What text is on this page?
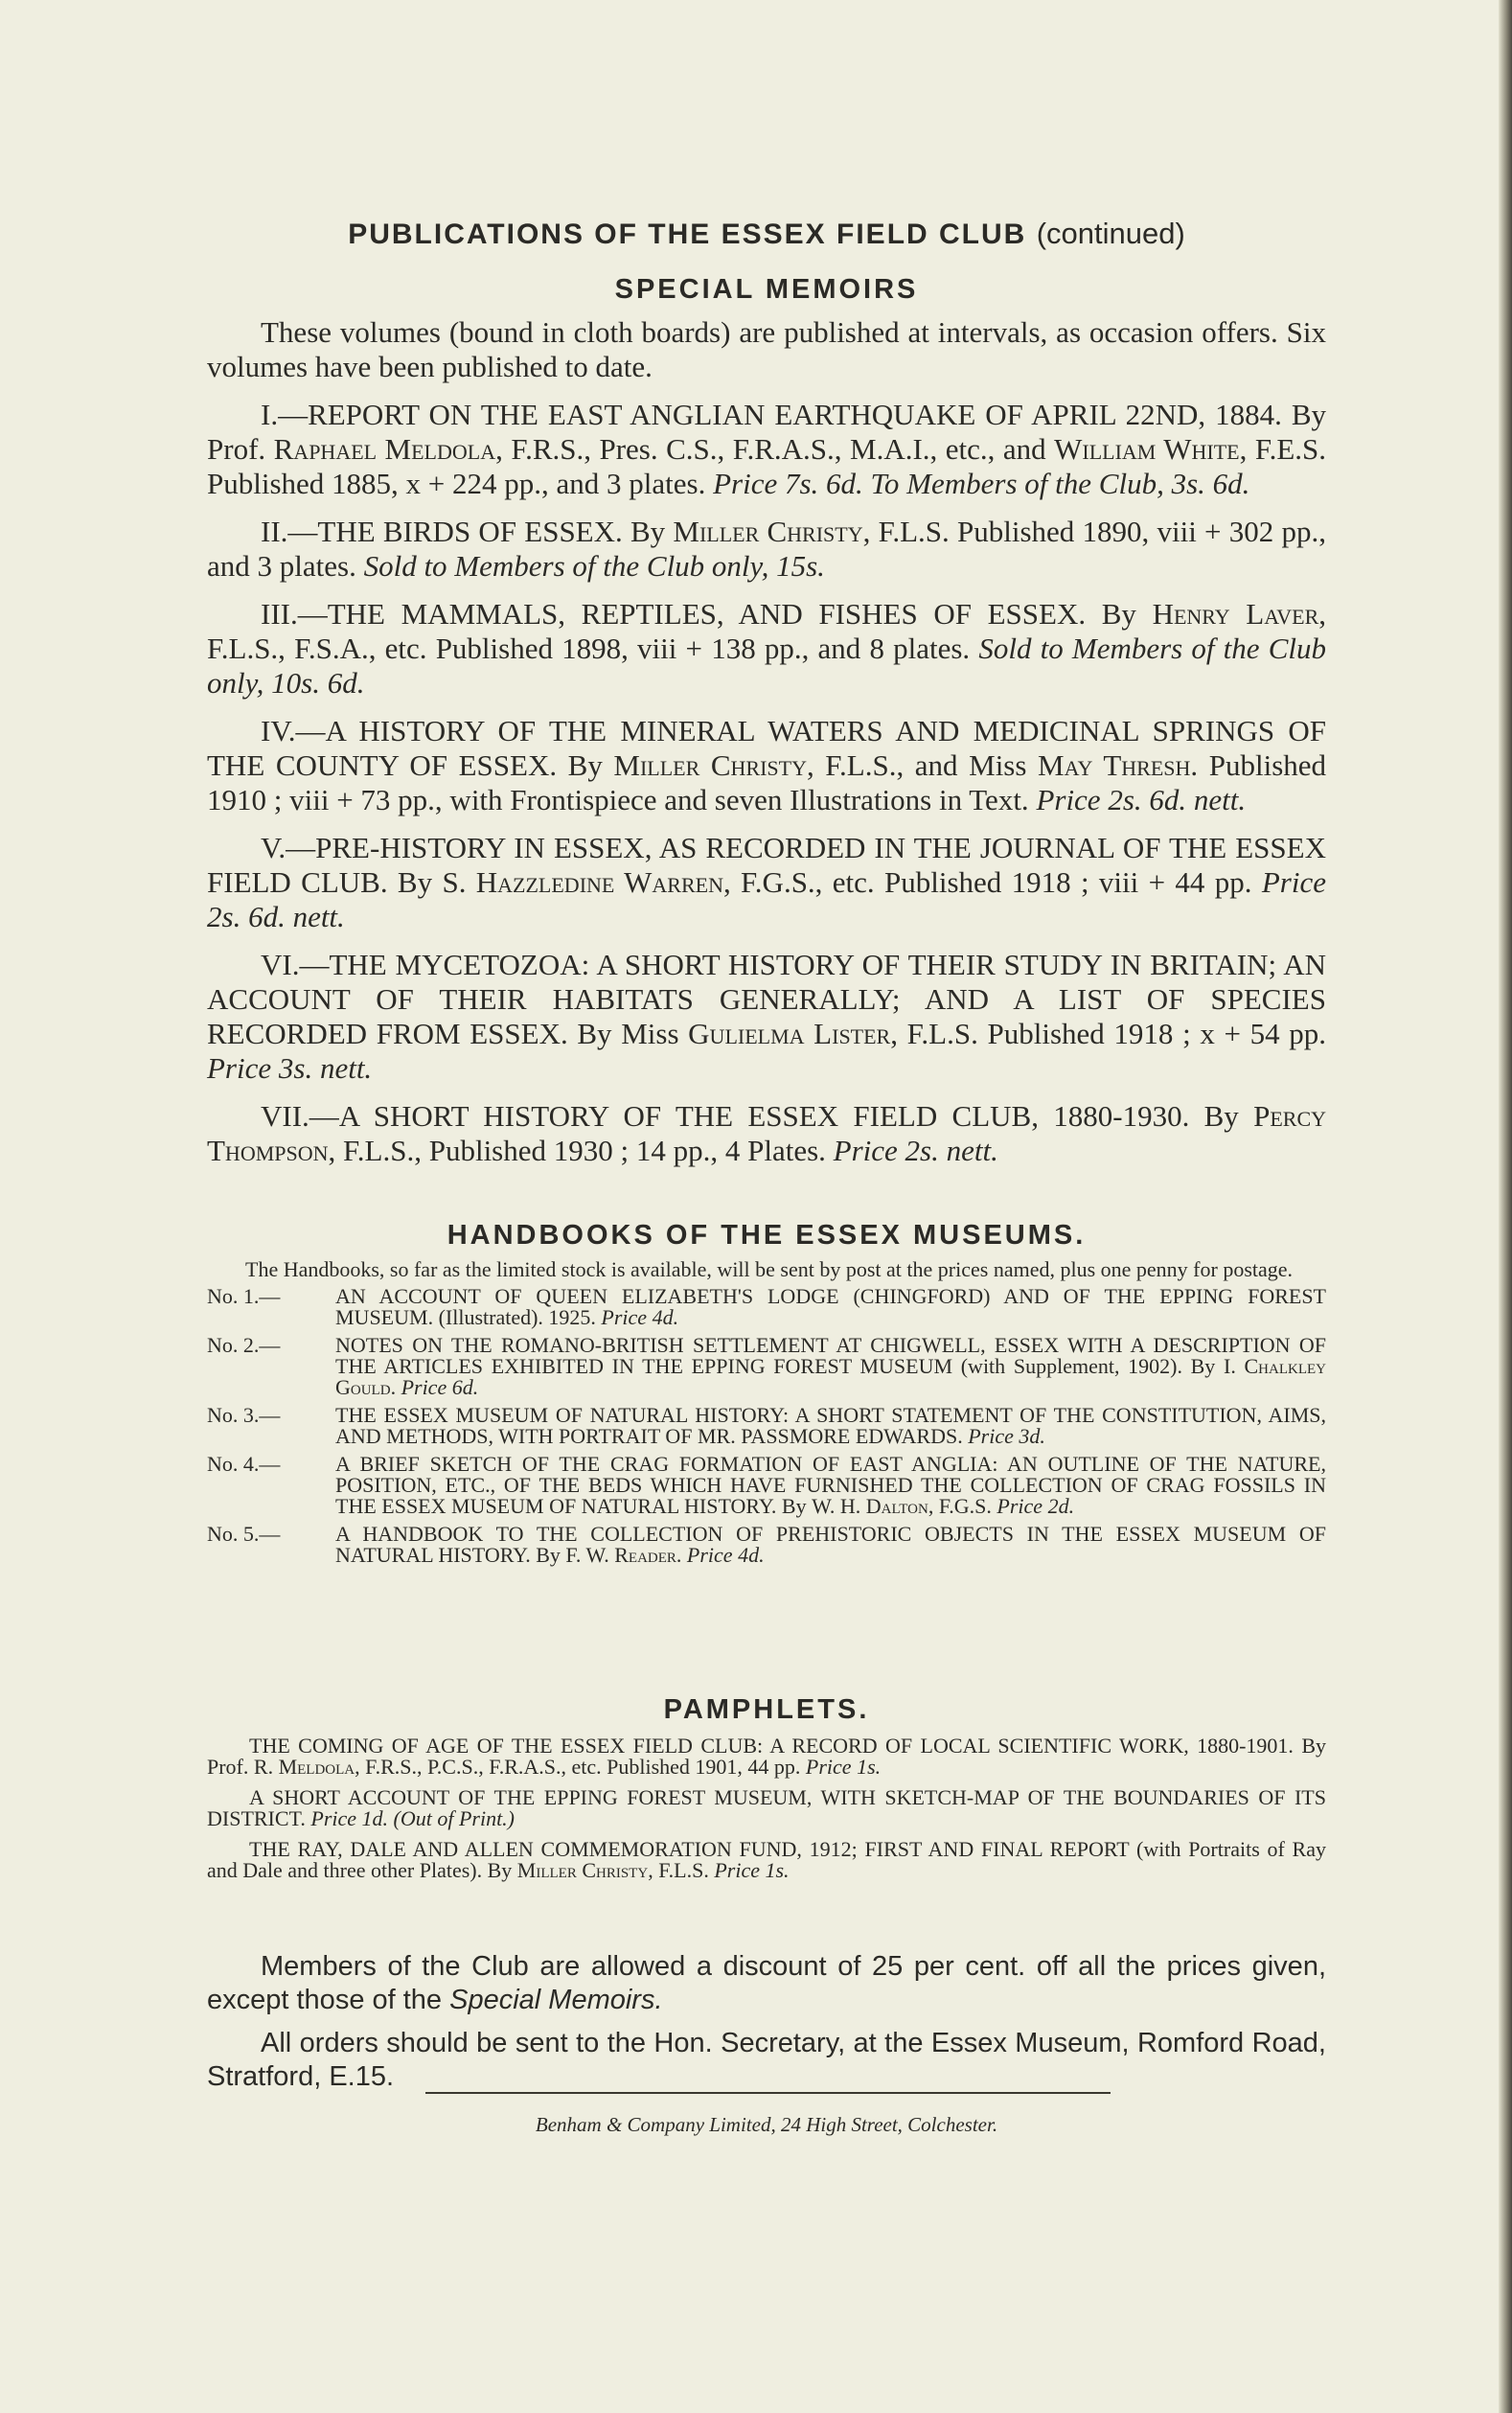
PUBLICATIONS OF THE ESSEX FIELD CLUB (continued)
SPECIAL MEMOIRS

These volumes (bound in cloth boards) are published at intervals, as occasion offers. Six volumes have been published to date.

I.—REPORT ON THE EAST ANGLIAN EARTHQUAKE OF APRIL 22ND, 1884. By Prof. Raphael Meldola, F.R.S., Pres. C.S., F.R.A.S., M.A.I., etc., and William White, F.E.S. Published 1885, x + 224 pp., and 3 plates. Price 7s. 6d. To Members of the Club, 3s. 6d.

II.—THE BIRDS OF ESSEX. By Miller Christy, F.L.S. Published 1890, viii + 302 pp., and 3 plates. Sold to Members of the Club only, 15s.

III.—THE MAMMALS, REPTILES, AND FISHES OF ESSEX. By Henry Laver, F.L.S., F.S.A., etc. Published 1898, viii + 138 pp., and 8 plates. Sold to Members of the Club only, 10s. 6d.

IV.—A HISTORY OF THE MINERAL WATERS AND MEDICINAL SPRINGS OF THE COUNTY OF ESSEX. By Miller Christy, F.L.S., and Miss May Thresh. Published 1910 ; viii + 73 pp., with Frontispiece and seven Illustrations in Text. Price 2s. 6d. nett.

V.—PRE-HISTORY IN ESSEX, AS RECORDED IN THE JOURNAL OF THE ESSEX FIELD CLUB. By S. Hazzledine Warren, F.G.S., etc. Published 1918 ; viii + 44 pp. Price 2s. 6d. nett.

VI.—THE MYCETOZOA: A SHORT HISTORY OF THEIR STUDY IN BRITAIN; AN ACCOUNT OF THEIR HABITATS GENERALLY; AND A LIST OF SPECIES RECORDED FROM ESSEX. By Miss Gulielma Lister, F.L.S. Published 1918 ; x + 54 pp. Price 3s. nett.

VII.—A SHORT HISTORY OF THE ESSEX FIELD CLUB, 1880-1930. By Percy Thompson, F.L.S., Published 1930 ; 14 pp., 4 Plates. Price 2s. nett.

HANDBOOKS OF THE ESSEX MUSEUMS.

The Handbooks, so far as the limited stock is available, will be sent by post at the prices named, plus one penny for postage.

No. 1.—	AN ACCOUNT OF QUEEN ELIZABETH'S LODGE (CHINGFORD) AND OF THE EPPING FOREST MUSEUM. (Illustrated). 1925. Price 4d.
No. 2.—	NOTES ON THE ROMANO-BRITISH SETTLEMENT AT CHIGWELL, ESSEX WITH A DESCRIPTION OF THE ARTICLES EXHIBITED IN THE EPPING FOREST MUSEUM (with Supplement, 1902). By I. Chalkley Gould. Price 6d.
No. 3.—	THE ESSEX MUSEUM OF NATURAL HISTORY: A SHORT STATEMENT OF THE CONSTITUTION, AIMS, AND METHODS, WITH PORTRAIT OF MR. PASSMORE EDWARDS. Price 3d.
No. 4.—	A BRIEF SKETCH OF THE CRAG FORMATION OF EAST ANGLIA: AN OUTLINE OF THE NATURE, POSITION, ETC., OF THE BEDS WHICH HAVE FURNISHED THE COLLECTION OF CRAG FOSSILS IN THE ESSEX MUSEUM OF NATURAL HISTORY. By W. H. Dalton, F.G.S. Price 2d.
No. 5.—	A HANDBOOK TO THE COLLECTION OF PREHISTORIC OBJECTS IN THE ESSEX MUSEUM OF NATURAL HISTORY. By F. W. Reader. Price 4d.
PAMPHLETS.

THE COMING OF AGE OF THE ESSEX FIELD CLUB: A RECORD OF LOCAL SCIENTIFIC WORK, 1880-1901. By Prof. R. Meldola, F.R.S., P.C.S., F.R.A.S., etc. Published 1901, 44 pp. Price 1s.

A SHORT ACCOUNT OF THE EPPING FOREST MUSEUM, WITH SKETCH-MAP OF THE BOUNDARIES OF ITS DISTRICT. Price 1d. (Out of Print.)

THE RAY, DALE AND ALLEN COMMEMORATION FUND, 1912; FIRST AND FINAL REPORT (with Portraits of Ray and Dale and three other Plates). By Miller Christy, F.L.S. Price 1s.

Members of the Club are allowed a discount of 25 per cent. off all the prices given, except those of the Special Memoirs.

All orders should be sent to the Hon. Secretary, at the Essex Museum, Romford Road, Stratford, E.15.

Benham & Company Limited, 24 High Street, Colchester.
